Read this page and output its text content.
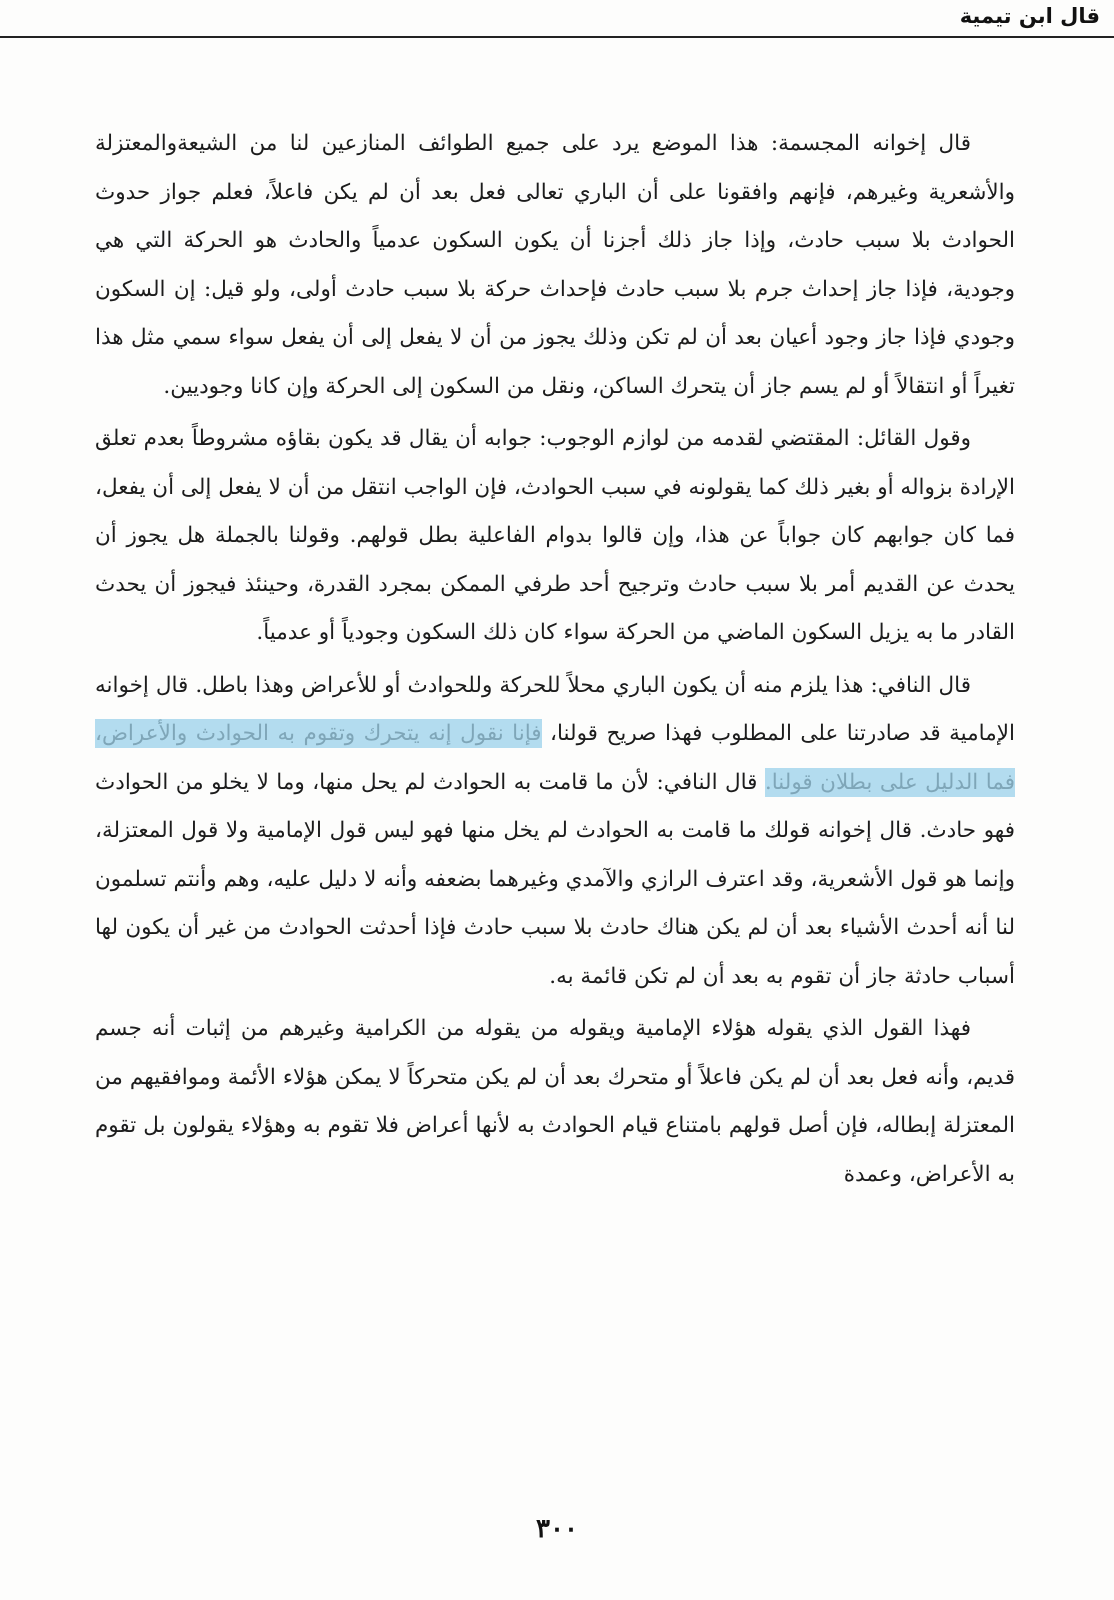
قال ابن تيمية

قال إخوانه المجسمة: هذا الموضع يرد على جميع الطوائف المنازعين لنا من الشيعةوالمعتزلة والأشعرية وغيرهم، فإنهم وافقونا على أن الباري تعالى فعل بعد أن لم يكن فاعلاً، فعلم جواز حدوث الحوادث بلا سبب حادث، وإذا جاز ذلك أجزنا أن يكون السكون عدمياً والحادث هو الحركة التي هي وجودية، فإذا جاز إحداث جرم بلا سبب حادث فإحداث حركة بلا سبب حادث أولى، ولو قيل: إن السكون وجودي فإذا جاز وجود أعيان بعد أن لم تكن وذلك يجوز من أن لا يفعل إلى أن يفعل سواء سمي مثل هذا تغيراً أو انتقالاً أو لم يسم جاز أن يتحرك الساكن، ونقل من السكون إلى الحركة وإن كانا وجوديين.

وقول القائل: المقتضي لقدمه من لوازم الوجوب: جوابه أن يقال قد يكون بقاؤه مشروطاً بعدم تعلق الإرادة بزواله أو بغير ذلك كما يقولونه في سبب الحوادث، فإن الواجب انتقل من أن لا يفعل إلى أن يفعل، فما كان جوابهم كان جواباً عن هذا، وإن قالوا بدوام الفاعلية بطل قولهم. وقولنا بالجملة هل يجوز أن يحدث عن القديم أمر بلا سبب حادث وترجيح أحد طرفي الممكن بمجرد القدرة، وحينئذ فيجوز أن يحدث القادر ما به يزيل السكون الماضي من الحركة سواء كان ذلك السكون وجودياً أو عدمياً.

قال النافي: هذا يلزم منه أن يكون الباري محلاً للحركة وللحوادث أو للأعراض وهذا باطل. قال إخوانه الإمامية قد صادرتنا على المطلوب فهذا صريح قولنا، فإنا نقول إنه يتحرك وتقوم به الحوادث والأعراض، فما الدليل على بطلان قولنا. قال النافي: لأن ما قامت به الحوادث لم يحل منها، وما لا يخلو من الحوادث فهو حادث. قال إخوانه قولك ما قامت به الحوادث لم يخل منها فهو ليس قول الإمامية ولا قول المعتزلة، وإنما هو قول الأشعرية، وقد اعترف الرازي والآمدي وغيرهما بضعفه وأنه لا دليل عليه، وهم وأنتم تسلمون لنا أنه أحدث الأشياء بعد أن لم يكن هناك حادث بلا سبب حادث فإذا أحدثت الحوادث من غير أن يكون لها أسباب حادثة جاز أن تقوم به بعد أن لم تكن قائمة به.

فهذا القول الذي يقوله هؤلاء الإمامية ويقوله من يقوله من الكرامية وغيرهم من إثبات أنه جسم قديم، وأنه فعل بعد أن لم يكن فاعلاً أو متحرك بعد أن لم يكن متحركاً لا يمكن هؤلاء الأئمة وموافقيهم من المعتزلة إبطاله، فإن أصل قولهم بامتناع قيام الحوادث به لأنها أعراض فلا تقوم به وهؤلاء يقولون بل تقوم به الأعراض، وعمدة

٣٠٠
